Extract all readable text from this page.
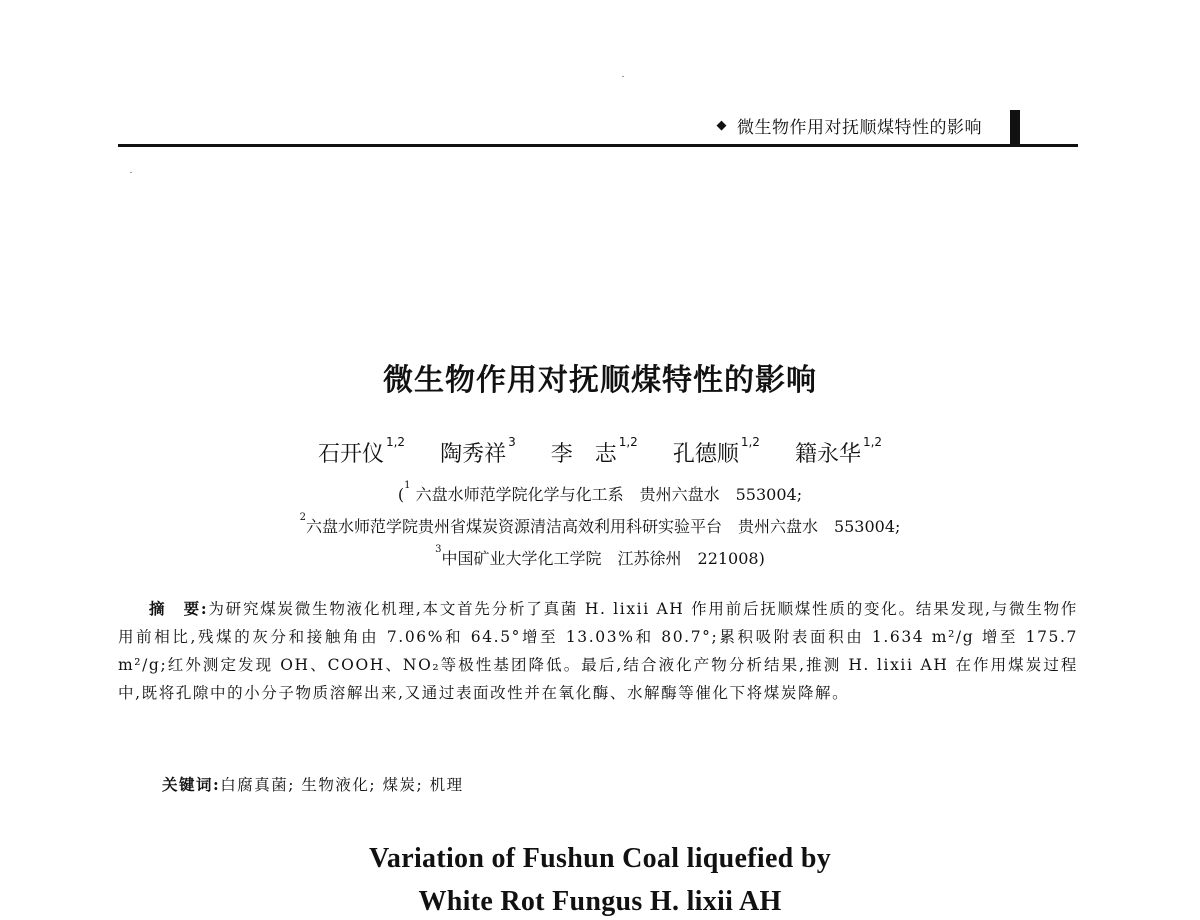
◆ 微生物作用对抚顺煤特性的影响
微生物作用对抚顺煤特性的影响
石开仪 $^{1,2}$ 陶秀祥 $^3$ 李　志 $^{1,2}$ 孔德顺 $^{1,2}$ 籍永华 $^{1,2}$
($^1$ 六盘水师范学院化学与化工系　贵州六盘水　553004;
$^2$六盘水师范学院贵州省煤炭资源清洁高效利用科研实验平台　贵州六盘水　553004;
$^3$中国矿业大学化工学院　江苏徐州　221008)
摘　要:为研究煤炭微生物液化机理,本文首先分析了真菌 H. lixii AH 作用前后抚顺煤性质的变化。结果发现,与微生物作用前相比,残煤的灰分和接触角由 7.06%和 64.5°增至 13.03%和 80.7°;累积吸附表面积由 1.634 m²/g 增至 175.7 m²/g;红外测定发现 OH、COOH、NO₂等极性基团降低。最后,结合液化产物分析结果,推测 H. lixii AH 在作用煤炭过程中,既将孔隙中的小分子物质溶解出来,又通过表面改性并在氧化酶、水解酶等催化下将煤炭降解。
关键词:白腐真菌; 生物液化; 煤炭; 机理
Variation of Fushun Coal liquefied by
White Rot Fungus H. lixii AH
